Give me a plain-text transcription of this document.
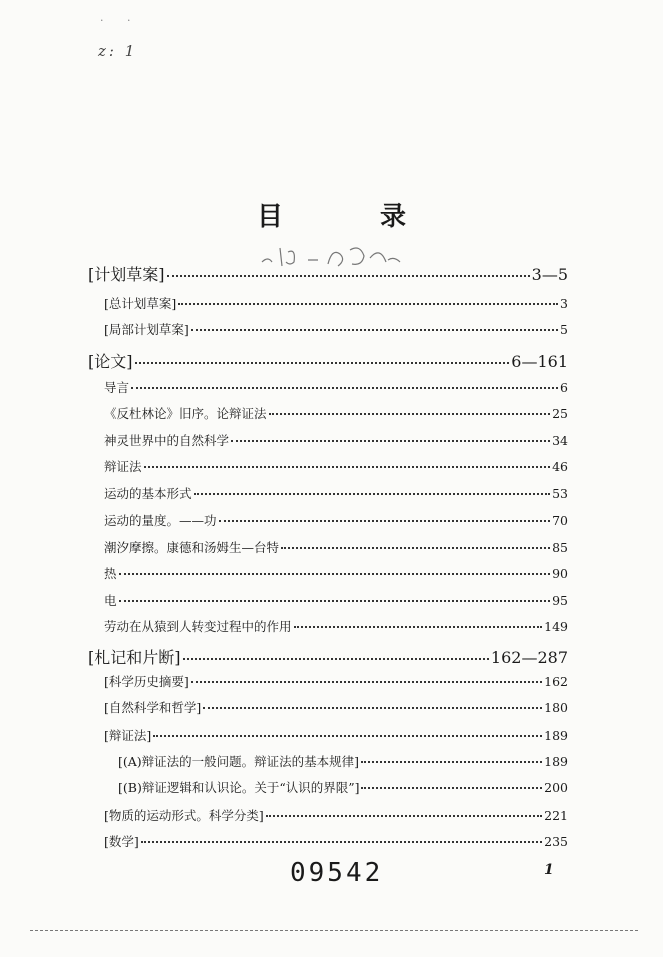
· ·
z: 1
目 录
[计划草案]	3—5
[总计划草案]	3
[局部计划草案]	5
[论文]	6—161
导言	6
《反杜林论》旧序。论辩证法	25
神灵世界中的自然科学	34
辩证法	46
运动的基本形式	53
运动的量度。——功	70
潮汐摩擦。康德和汤姆生—台特	85
热	90
电	95
劳动在从猿到人转变过程中的作用	149
[札记和片断]	162—287
[科学历史摘要]	162
[自然科学和哲学]	180
[辩证法]	189
[(A)辩证法的一般问题。辩证法的基本规律]	189
[(B)辩证逻辑和认识论。关于“认识的界限”]	200
[物质的运动形式。科学分类]	221
[数学]	235
09542	1
